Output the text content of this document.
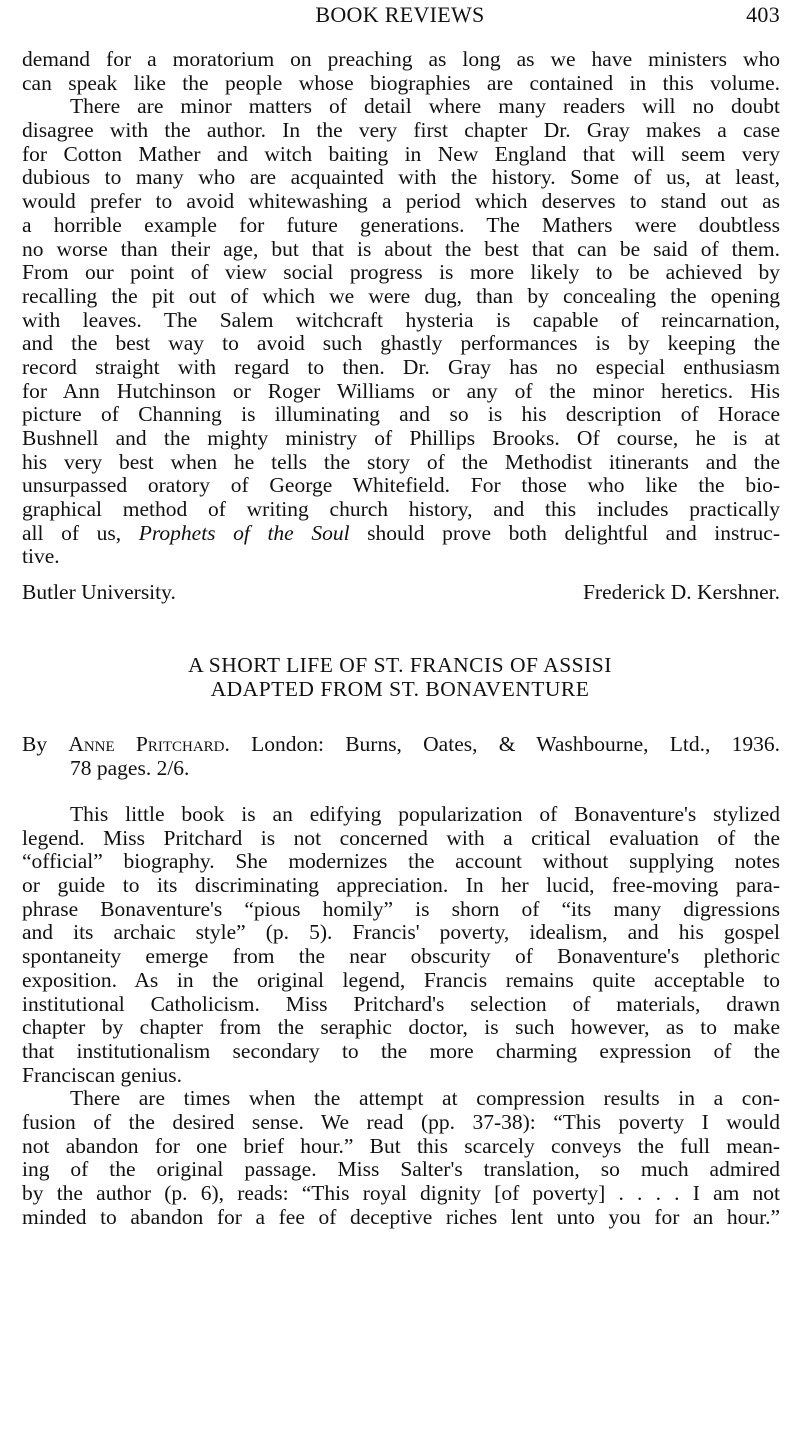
BOOK REVIEWS	403
demand for a moratorium on preaching as long as we have ministers who
can speak like the people whose biographies are contained in this volume.
There are minor matters of detail where many readers will no doubt
disagree with the author. In the very first chapter Dr. Gray makes a case
for Cotton Mather and witch baiting in New England that will seem very
dubious to many who are acquainted with the history. Some of us, at least,
would prefer to avoid whitewashing a period which deserves to stand out as
a horrible example for future generations. The Mathers were doubtless
no worse than their age, but that is about the best that can be said of them.
From our point of view social progress is more likely to be achieved by
recalling the pit out of which we were dug, than by concealing the opening
with leaves. The Salem witchcraft hysteria is capable of reincarnation,
and the best way to avoid such ghastly performances is by keeping the
record straight with regard to then. Dr. Gray has no especial enthusiasm
for Ann Hutchinson or Roger Williams or any of the minor heretics. His
picture of Channing is illuminating and so is his description of Horace
Bushnell and the mighty ministry of Phillips Brooks. Of course, he is at
his very best when he tells the story of the Methodist itinerants and the
unsurpassed oratory of George Whitefield. For those who like the bio-
graphical method of writing church history, and this includes practically
all of us, Prophets of the Soul should prove both delightful and instruc-
tive.
Butler University.	Frederick D. Kershner.
A SHORT LIFE OF ST. FRANCIS OF ASSISI
ADAPTED FROM ST. BONAVENTURE
By Anne Pritchard. London: Burns, Oates, & Washbourne, Ltd., 1936.
78 pages. 2/6.
This little book is an edifying popularization of Bonaventure's stylized
legend. Miss Pritchard is not concerned with a critical evaluation of the
“official” biography. She modernizes the account without supplying notes
or guide to its discriminating appreciation. In her lucid, free-moving para-
phrase Bonaventure's “pious homily” is shorn of “its many digressions
and its archaic style” (p. 5). Francis' poverty, idealism, and his gospel
spontaneity emerge from the near obscurity of Bonaventure's plethoric
exposition. As in the original legend, Francis remains quite acceptable to
institutional Catholicism. Miss Pritchard's selection of materials, drawn
chapter by chapter from the seraphic doctor, is such however, as to make
that institutionalism secondary to the more charming expression of the
Franciscan genius.
There are times when the attempt at compression results in a con-
fusion of the desired sense. We read (pp. 37-38): “This poverty I would
not abandon for one brief hour.” But this scarcely conveys the full mean-
ing of the original passage. Miss Salter's translation, so much admired
by the author (p. 6), reads: “This royal dignity [of poverty] . . . . I am not
minded to abandon for a fee of deceptive riches lent unto you for an hour.”
